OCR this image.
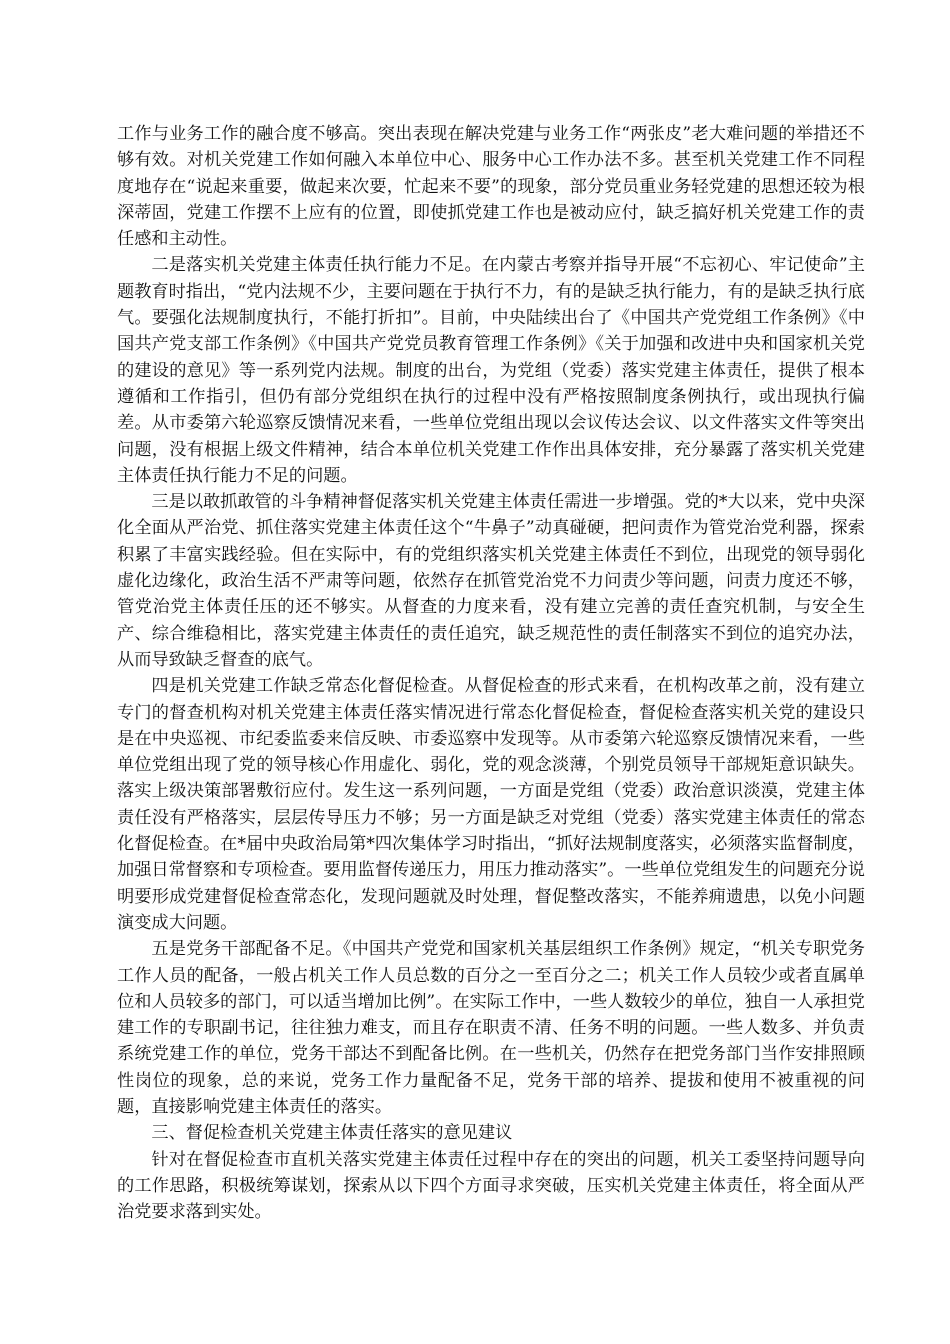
工作与业务工作的融合度不够高。突出表现在解决党建与业务工作“两张皮”老大难问题的举措还不够有效。对机关党建工作如何融入本单位中心、服务中心工作办法不多。甚至机关党建工作不同程度地存在“说起来重要，做起来次要，忙起来不要”的现象，部分党员重业务轻党建的思想还较为根深蒂固，党建工作摆不上应有的位置，即使抓党建工作也是被动应付，缺乏搞好机关党建工作的责任感和主动性。

二是落实机关党建主体责任执行能力不足。在内蒙古考察并指导开展“不忘初心、牢记使命”主题教育时指出，“党内法规不少，主要问题在于执行不力，有的是缺乏执行能力，有的是缺乏执行底气。要强化法规制度执行，不能打折扣”。目前，中央陆续出台了《中国共产党党组工作条例》《中国共产党支部工作条例》《中国共产党党员教育管理工作条例》《关于加强和改进中央和国家机关党的建设的意见》等一系列党内法规。制度的出台，为党组（党委）落实党建主体责任，提供了根本遵循和工作指引，但仍有部分党组织在执行的过程中没有严格按照制度条例执行，或出现执行偏差。从市委第六轮巡察反馈情况来看，一些单位党组出现以会议传达会议、以文件落实文件等突出问题，没有根据上级文件精神，结合本单位机关党建工作作出具体安排，充分暴露了落实机关党建主体责任执行能力不足的问题。

三是以敢抓敢管的斗争精神督促落实机关党建主体责任需进一步增强。党的*大以来，党中央深化全面从严治党、抓住落实党建主体责任这个“牛鼻子”动真碰硬，把问责作为管党治党利器，探索积累了丰富实践经验。但在实际中，有的党组织落实机关党建主体责任不到位，出现党的领导弱化虚化边缘化，政治生活不严肃等问题，依然存在抓管党治党不力问责少等问题，问责力度还不够，管党治党主体责任压的还不够实。从督查的力度来看，没有建立完善的责任查究机制，与安全生产、综合维稳相比，落实党建主体责任的责任追究，缺乏规范性的责任制落实不到位的追究办法，从而导致缺乏督查的底气。

四是机关党建工作缺乏常态化督促检查。从督促检查的形式来看，在机构改革之前，没有建立专门的督查机构对机关党建主体责任落实情况进行常态化督促检查，督促检查落实机关党的建设只是在中央巡视、市纪委监委来信反映、市委巡察中发现等。从市委第六轮巡察反馈情况来看，一些单位党组出现了党的领导核心作用虚化、弱化，党的观念淡薄，个别党员领导干部规矩意识缺失。落实上级决策部署敷衍应付。发生这一系列问题，一方面是党组（党委）政治意识淡漠，党建主体责任没有严格落实，层层传导压力不够；另一方面是缺乏对党组（党委）落实党建主体责任的常态化督促检查。在*届中央政治局第*四次集体学习时指出，“抓好法规制度落实，必须落实监督制度，加强日常督察和专项检查。要用监督传递压力，用压力推动落实”。一些单位党组发生的问题充分说明要形成党建督促检查常态化，发现问题就及时处理，督促整改落实，不能养痈遗患，以免小问题演变成大问题。

五是党务干部配备不足。《中国共产党党和国家机关基层组织工作条例》规定，“机关专职党务工作人员的配备，一般占机关工作人员总数的百分之一至百分之二；机关工作人员较少或者直属单位和人员较多的部门，可以适当增加比例”。在实际工作中，一些人数较少的单位，独自一人承担党建工作的专职副书记，往往独力难支，而且存在职责不清、任务不明的问题。一些人数多、并负责系统党建工作的单位，党务干部达不到配备比例。在一些机关，仍然存在把党务部门当作安排照顾性岗位的现象，总的来说，党务工作力量配备不足，党务干部的培养、提拔和使用不被重视的问题，直接影响党建主体责任的落实。

三、督促检查机关党建主体责任落实的意见建议

针对在督促检查市直机关落实党建主体责任过程中存在的突出的问题，机关工委坚持问题导向的工作思路，积极统筹谋划，探索从以下四个方面寻求突破，压实机关党建主体责任，将全面从严治党要求落到实处。
